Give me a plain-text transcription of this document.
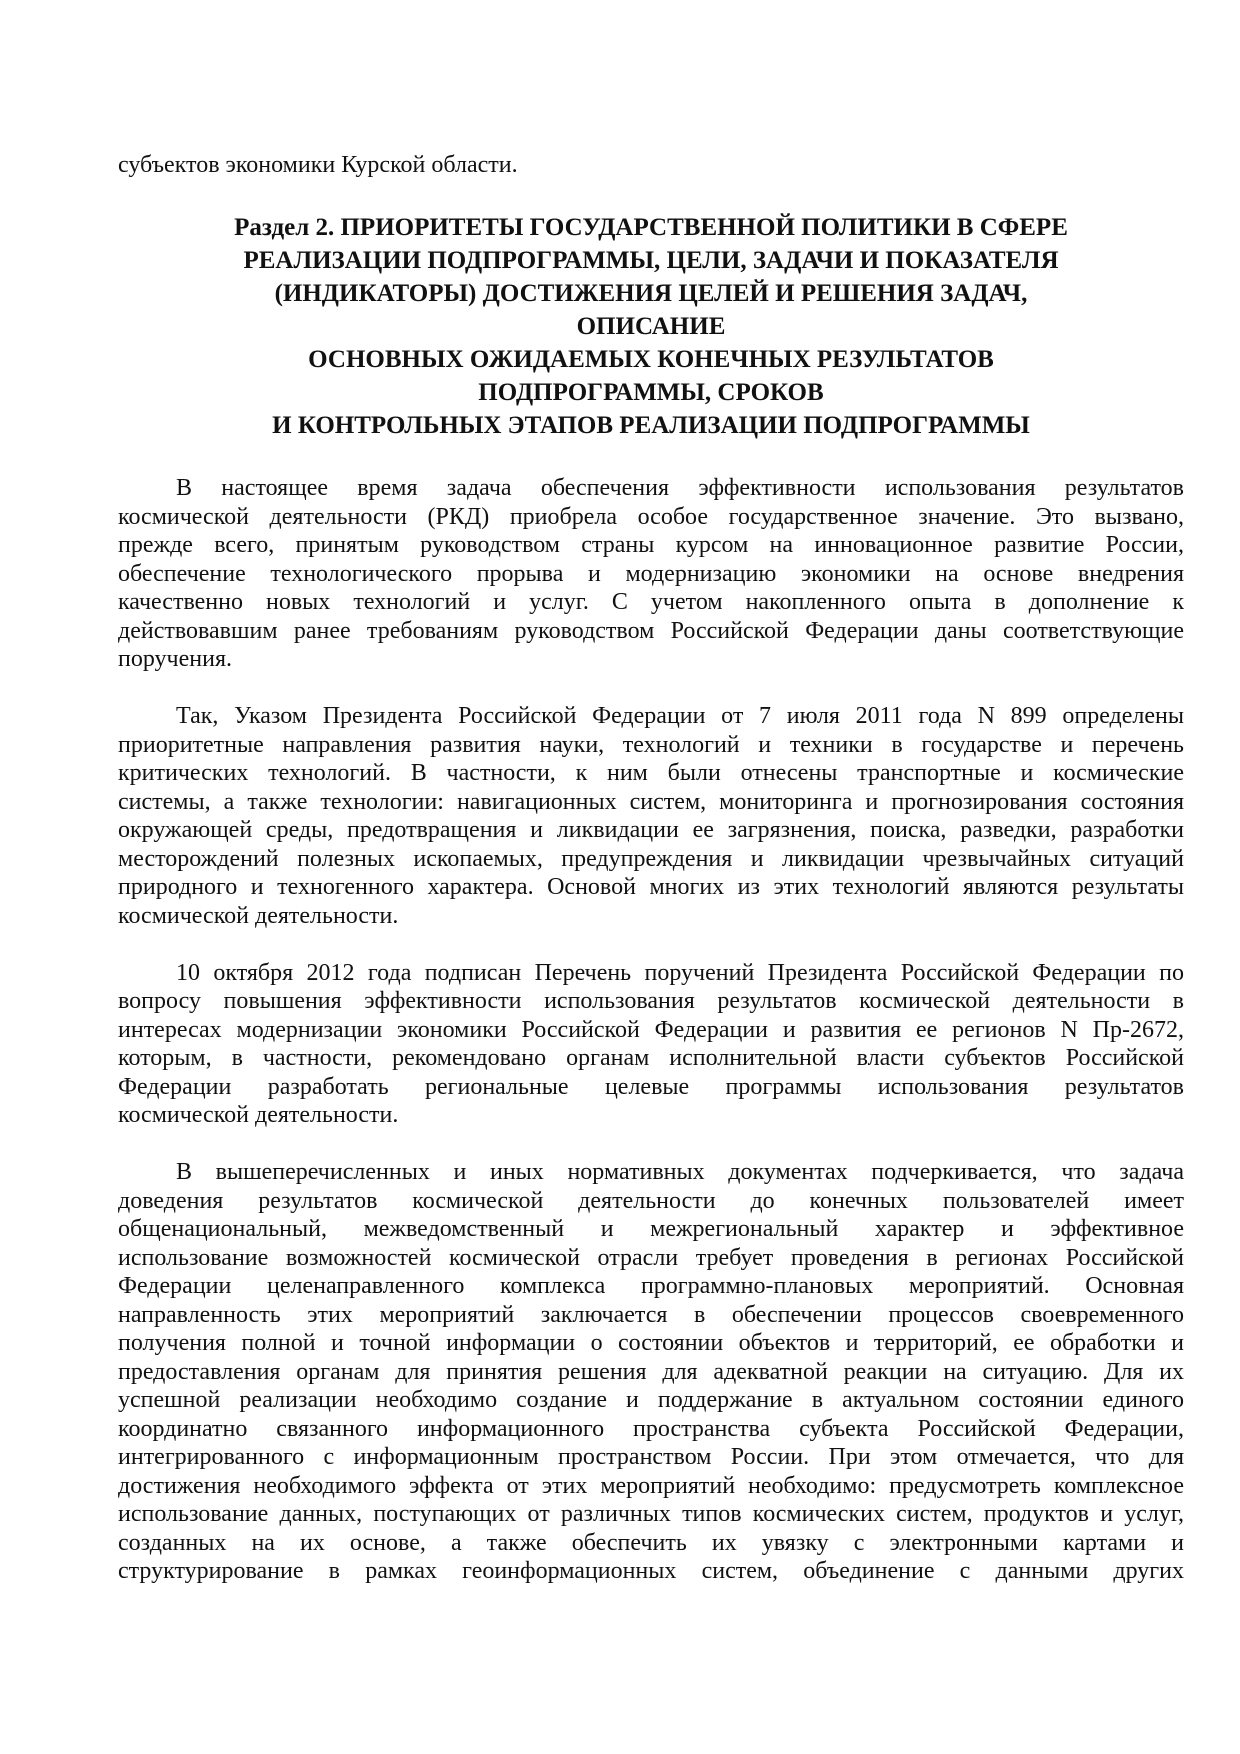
субъектов экономики Курской области.
Раздел 2. ПРИОРИТЕТЫ ГОСУДАРСТВЕННОЙ ПОЛИТИКИ В СФЕРЕ
РЕАЛИЗАЦИИ ПОДПРОГРАММЫ, ЦЕЛИ, ЗАДАЧИ И ПОКАЗАТЕЛЯ
(ИНДИКАТОРЫ) ДОСТИЖЕНИЯ ЦЕЛЕЙ И РЕШЕНИЯ ЗАДАЧ,
ОПИСАНИЕ
ОСНОВНЫХ ОЖИДАЕМЫХ КОНЕЧНЫХ РЕЗУЛЬТАТОВ
ПОДПРОГРАММЫ, СРОКОВ
И КОНТРОЛЬНЫХ ЭТАПОВ РЕАЛИЗАЦИИ ПОДПРОГРАММЫ
В настоящее время задача обеспечения эффективности использования результатов
космической деятельности (РКД) приобрела особое государственное значение. Это вызвано,
прежде всего, принятым руководством страны курсом на инновационное развитие России,
обеспечение технологического прорыва и модернизацию экономики на основе внедрения
качественно новых технологий и услуг. С учетом накопленного опыта в дополнение к
действовавшим ранее требованиям руководством Российской Федерации даны соответствующие
поручения.
Так, Указом Президента Российской Федерации от 7 июля 2011 года N 899 определены
приоритетные направления развития науки, технологий и техники в государстве и перечень
критических технологий. В частности, к ним были отнесены транспортные и космические
системы, а также технологии: навигационных систем, мониторинга и прогнозирования состояния
окружающей среды, предотвращения и ликвидации ее загрязнения, поиска, разведки, разработки
месторождений полезных ископаемых, предупреждения и ликвидации чрезвычайных ситуаций
природного и техногенного характера. Основой многих из этих технологий являются результаты
космической деятельности.
10 октября 2012 года подписан Перечень поручений Президента Российской Федерации по
вопросу повышения эффективности использования результатов космической деятельности в
интересах модернизации экономики Российской Федерации и развития ее регионов N Пр-2672,
которым, в частности, рекомендовано органам исполнительной власти субъектов Российской
Федерации разработать региональные целевые программы использования результатов
космической деятельности.
В вышеперечисленных и иных нормативных документах подчеркивается, что задача
доведения результатов космической деятельности до конечных пользователей имеет
общенациональный, межведомственный и межрегиональный характер и эффективное
использование возможностей космической отрасли требует проведения в регионах Российской
Федерации целенаправленного комплекса программно-плановых мероприятий. Основная
направленность этих мероприятий заключается в обеспечении процессов своевременного
получения полной и точной информации о состоянии объектов и территорий, ее обработки и
предоставления органам для принятия решения для адекватной реакции на ситуацию. Для их
успешной реализации необходимо создание и поддержание в актуальном состоянии единого
координатно связанного информационного пространства субъекта Российской Федерации,
интегрированного с информационным пространством России. При этом отмечается, что для
достижения необходимого эффекта от этих мероприятий необходимо: предусмотреть комплексное
использование данных, поступающих от различных типов космических систем, продуктов и услуг,
созданных на их основе, а также обеспечить их увязку с электронными картами и
структурирование в рамках геоинформационных систем, объединение с данными других
